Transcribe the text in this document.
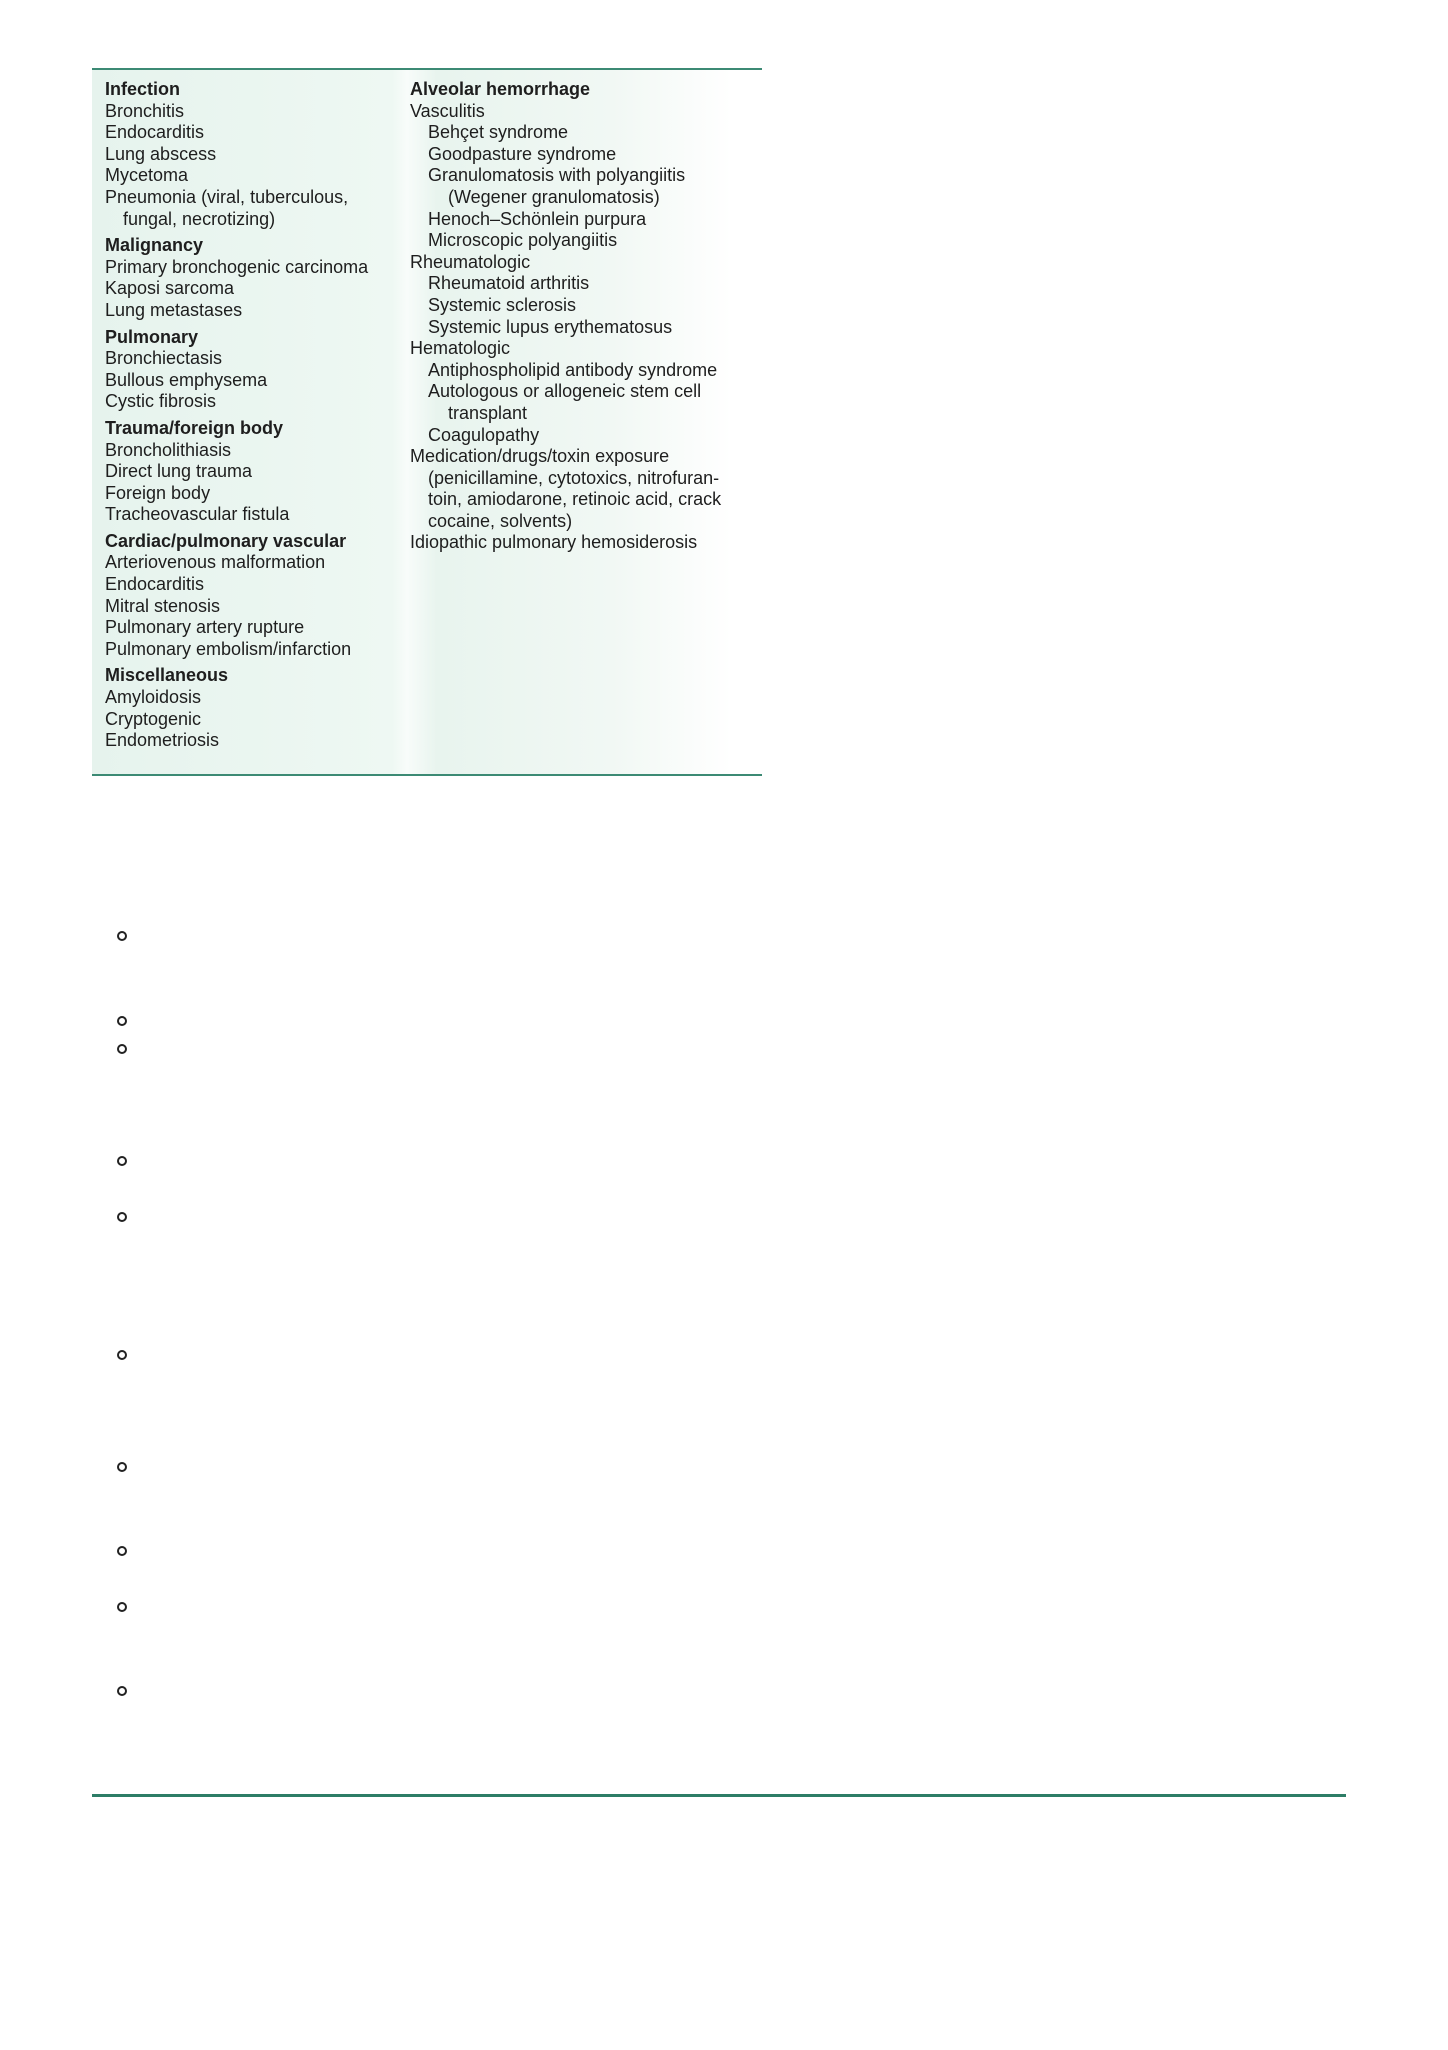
Infection
Bronchitis
Endocarditis
Lung abscess
Mycetoma
Pneumonia (viral, tuberculous,
fungal, necrotizing)
Malignancy
Primary bronchogenic carcinoma
Kaposi sarcoma
Lung metastases
Pulmonary
Bronchiectasis
Bullous emphysema
Cystic fibrosis
Trauma/foreign body
Broncholithiasis
Direct lung trauma
Foreign body
Tracheovascular fistula
Cardiac/pulmonary vascular
Arteriovenous malformation
Endocarditis
Mitral stenosis
Pulmonary artery rupture
Pulmonary embolism/infarction
Miscellaneous
Amyloidosis
Cryptogenic
Endometriosis
Alveolar hemorrhage
Vasculitis
Behçet syndrome
Goodpasture syndrome
Granulomatosis with polyangiitis
(Wegener granulomatosis)
Henoch–Schönlein purpura
Microscopic polyangiitis
Rheumatologic
Rheumatoid arthritis
Systemic sclerosis
Systemic lupus erythematosus
Hematologic
Antiphospholipid antibody syndrome
Autologous or allogeneic stem cell
transplant
Coagulopathy
Medication/drugs/toxin exposure
(penicillamine, cytotoxics, nitrofuran-
toin, amiodarone, retinoic acid, crack
cocaine, solvents)
Idiopathic pulmonary hemosiderosis
